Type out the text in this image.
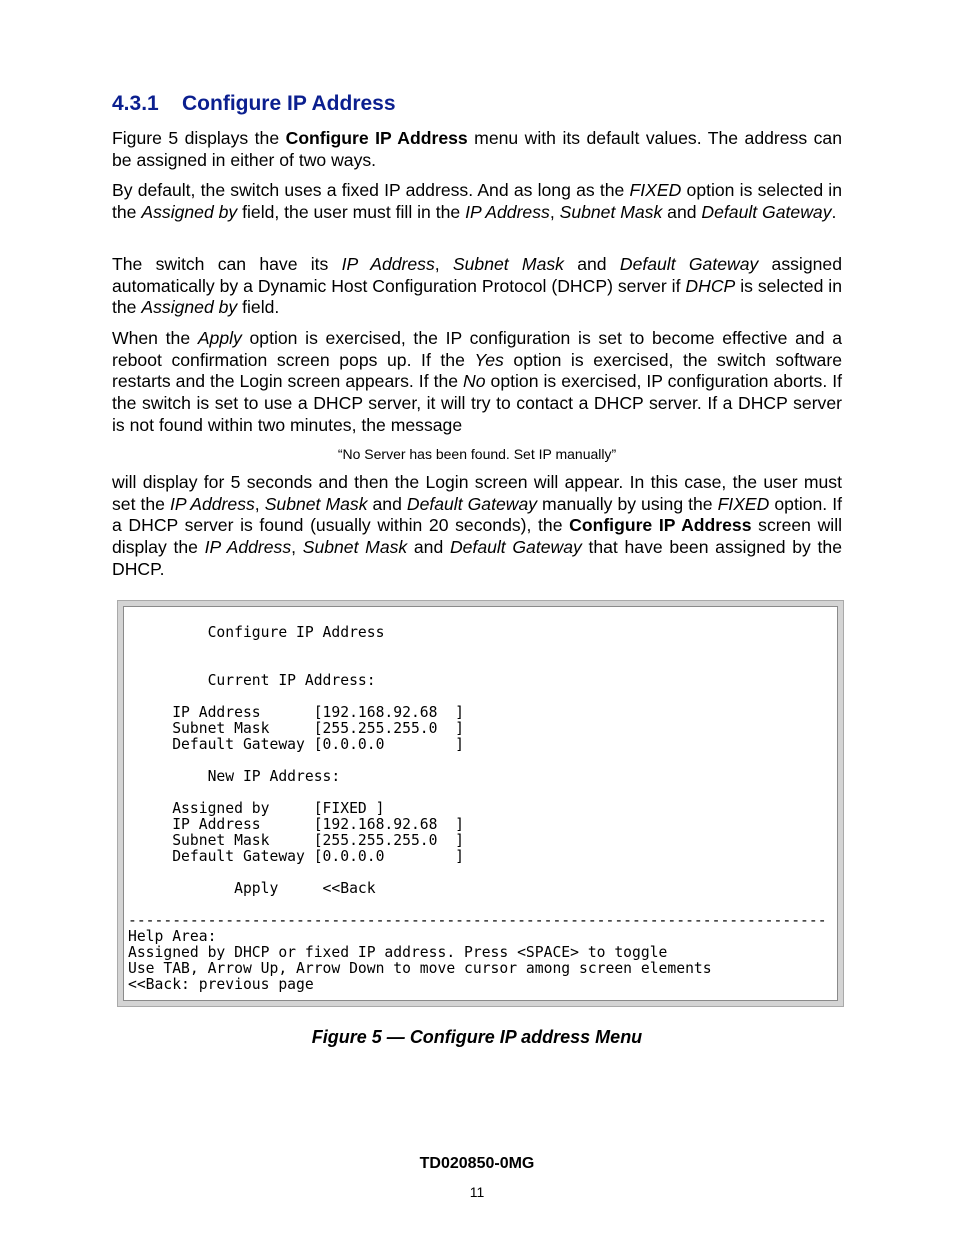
4.3.1 Configure IP Address

Figure 5 displays the Configure IP Address menu with its default values. The address can be assigned in either of two ways.

By default, the switch uses a fixed IP address. And as long as the FIXED option is selected in the Assigned by field, the user must fill in the IP Address, Subnet Mask and Default Gateway.

The switch can have its IP Address, Subnet Mask and Default Gateway assigned automatically by a Dynamic Host Configuration Protocol (DHCP) server if DHCP is selected in the Assigned by field.

When the Apply option is exercised, the IP configuration is set to become effective and a reboot confirmation screen pops up. If the Yes option is exercised, the switch software restarts and the Login screen appears. If the No option is exercised, IP configuration aborts. If the switch is set to use a DHCP server, it will try to contact a DHCP server. If a DHCP server is not found within two minutes, the message

“No Server has been found. Set IP manually”

will display for 5 seconds and then the Login screen will appear. In this case, the user must set the IP Address, Subnet Mask and Default Gateway manually by using the FIXED option. If a DHCP server is found (usually within 20 seconds), the Configure IP Address screen will display the IP Address, Subnet Mask and Default Gateway that have been assigned by the DHCP.

Configure IP Address

Current IP Address:

IP Address      [192.168.92.68  ]
Subnet Mask     [255.255.255.0  ]
Default Gateway [0.0.0.0        ]

New IP Address:

Assigned by     [FIXED ]
IP Address      [192.168.92.68  ]
Subnet Mask     [255.255.255.0  ]
Default Gateway [0.0.0.0        ]

Apply     <<Back

-------------------------------------------------------------------------------
Help Area:
Assigned by DHCP or fixed IP address. Press <SPACE> to toggle
Use TAB, Arrow Up, Arrow Down to move cursor among screen elements
<<Back: previous page

Figure 5 — Configure IP address Menu
TD020850-0MG
11
